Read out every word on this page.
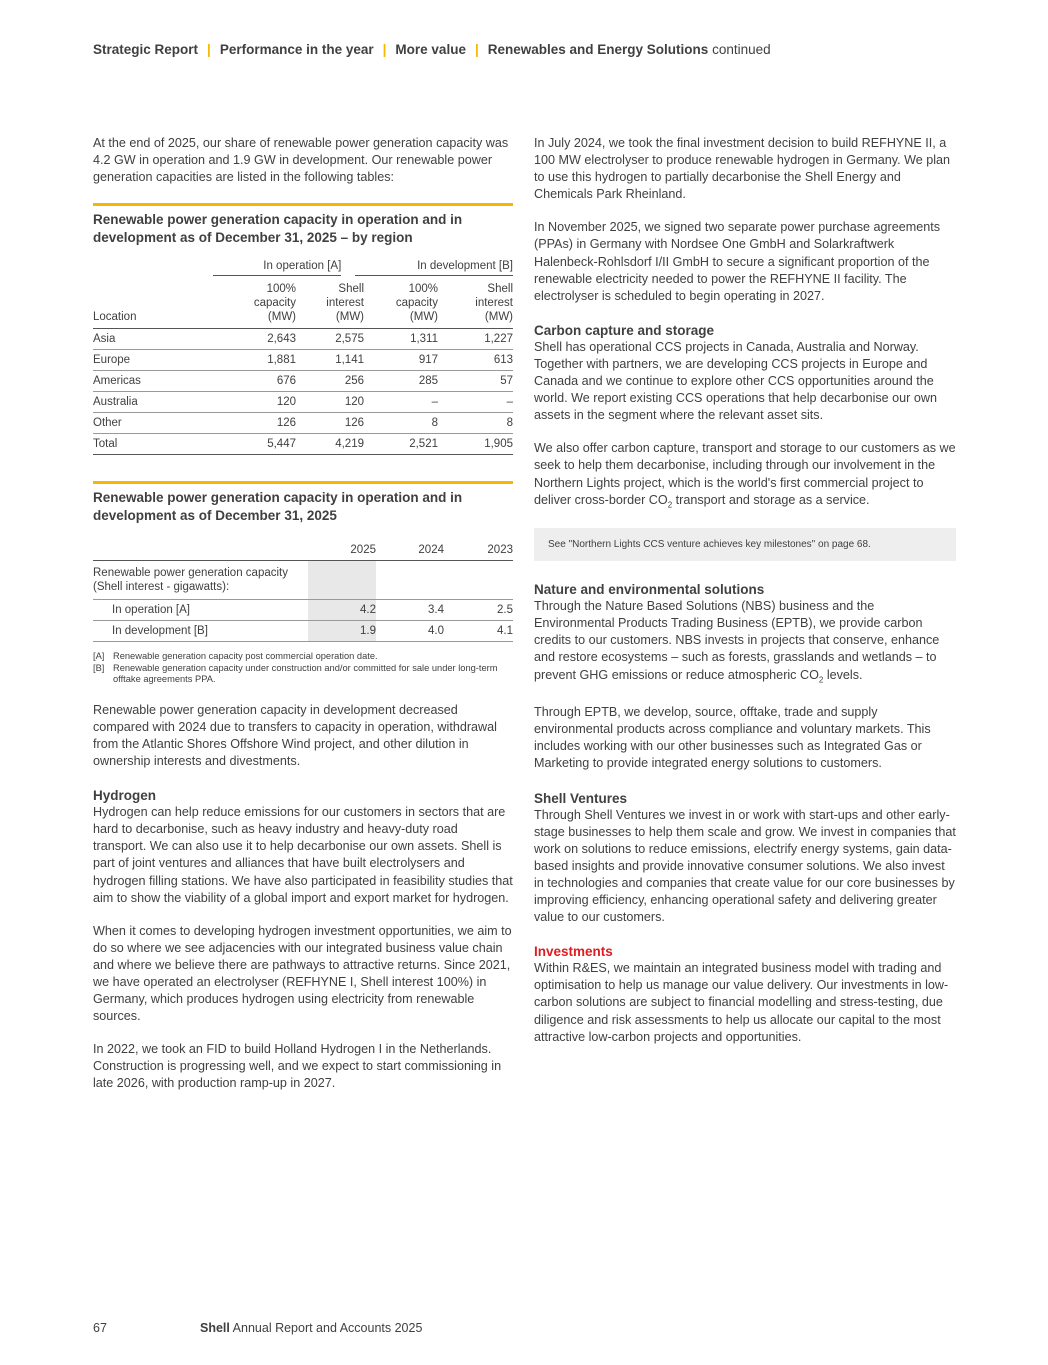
Strategic Report | Performance in the year | More value | Renewables and Energy Solutions continued

At the end of 2025, our share of renewable power generation capacity was 4.2 GW in operation and 1.9 GW in development. Our renewable power generation capacities are listed in the following tables:

Renewable power generation capacity in operation and in development as of December 31, 2025 – by region
	In operation [A]		In development [B]
Location	100%
capacity
(MW)	Shell
interest
(MW)	100%
capacity
(MW)	Shell
interest
(MW)
Asia	2,643	2,575	1,311	1,227
Europe	1,881	1,141	917	613
Americas	676	256	285	57
Australia	120	120	–	–
Other	126	126	8	8
Total	5,447	4,219	2,521	1,905
Renewable power generation capacity in operation and in development as of December 31, 2025
	2025	2024	2023
Renewable power generation capacity
(Shell interest - gigawatts):			
In operation [A]	4.2	3.4	2.5
In development [B]	1.9	4.0	4.1
[A] Renewable generation capacity post commercial operation date.
[B] Renewable generation capacity under construction and/or committed for sale under long-term offtake agreements PPA.

Renewable power generation capacity in development decreased compared with 2024 due to transfers to capacity in operation, withdrawal from the Atlantic Shores Offshore Wind project, and other dilution in ownership interests and divestments.

Hydrogen

Hydrogen can help reduce emissions for our customers in sectors that are hard to decarbonise, such as heavy industry and heavy-duty road transport. We can also use it to help decarbonise our own assets. Shell is part of joint ventures and alliances that have built electrolysers and hydrogen filling stations. We have also participated in feasibility studies that aim to show the viability of a global import and export market for hydrogen.

When it comes to developing hydrogen investment opportunities, we aim to do so where we see adjacencies with our integrated business value chain and where we believe there are pathways to attractive returns. Since 2021, we have operated an electrolyser (REFHYNE I, Shell interest 100%) in Germany, which produces hydrogen using electricity from renewable sources.

In 2022, we took an FID to build Holland Hydrogen I in the Netherlands. Construction is progressing well, and we expect to start commissioning in late 2026, with production ramp-up in 2027.

In July 2024, we took the final investment decision to build REFHYNE II, a 100 MW electrolyser to produce renewable hydrogen in Germany. We plan to use this hydrogen to partially decarbonise the Shell Energy and Chemicals Park Rheinland.

In November 2025, we signed two separate power purchase agreements (PPAs) in Germany with Nordsee One GmbH and Solarkraftwerk Halenbeck-Rohlsdorf I/II GmbH to secure a significant proportion of the renewable electricity needed to power the REFHYNE II facility. The electrolyser is scheduled to begin operating in 2027.

Carbon capture and storage

Shell has operational CCS projects in Canada, Australia and Norway. Together with partners, we are developing CCS projects in Europe and Canada and we continue to explore other CCS opportunities around the world. We report existing CCS operations that help decarbonise our own assets in the segment where the relevant asset sits.

We also offer carbon capture, transport and storage to our customers as we seek to help them decarbonise, including through our involvement in the Northern Lights project, which is the world's first commercial project to deliver cross-border $CO_2$ transport and storage as a service.

See "Northern Lights CCS venture achieves key milestones" on page 68.
Nature and environmental solutions

Through the Nature Based Solutions (NBS) business and the Environmental Products Trading Business (EPTB), we provide carbon credits to our customers. NBS invests in projects that conserve, enhance and restore ecosystems – such as forests, grasslands and wetlands – to prevent GHG emissions or reduce atmospheric $CO_2$ levels.

Through EPTB, we develop, source, offtake, trade and supply environmental products across compliance and voluntary markets. This includes working with our other businesses such as Integrated Gas or Marketing to provide integrated energy solutions to customers.

Shell Ventures

Through Shell Ventures we invest in or work with start-ups and other early-stage businesses to help them scale and grow. We invest in companies that work on solutions to reduce emissions, electrify energy systems, gain data-based insights and provide innovative consumer solutions. We also invest in technologies and companies that create value for our core businesses by improving efficiency, enhancing operational safety and delivering greater value to our customers.

Investments

Within R&ES, we maintain an integrated business model with trading and optimisation to help us manage our value delivery. Our investments in low-carbon solutions are subject to financial modelling and stress-testing, due diligence and risk assessments to help us allocate our capital to the most attractive low-carbon projects and opportunities.

67	Shell Annual Report and Accounts 2025
